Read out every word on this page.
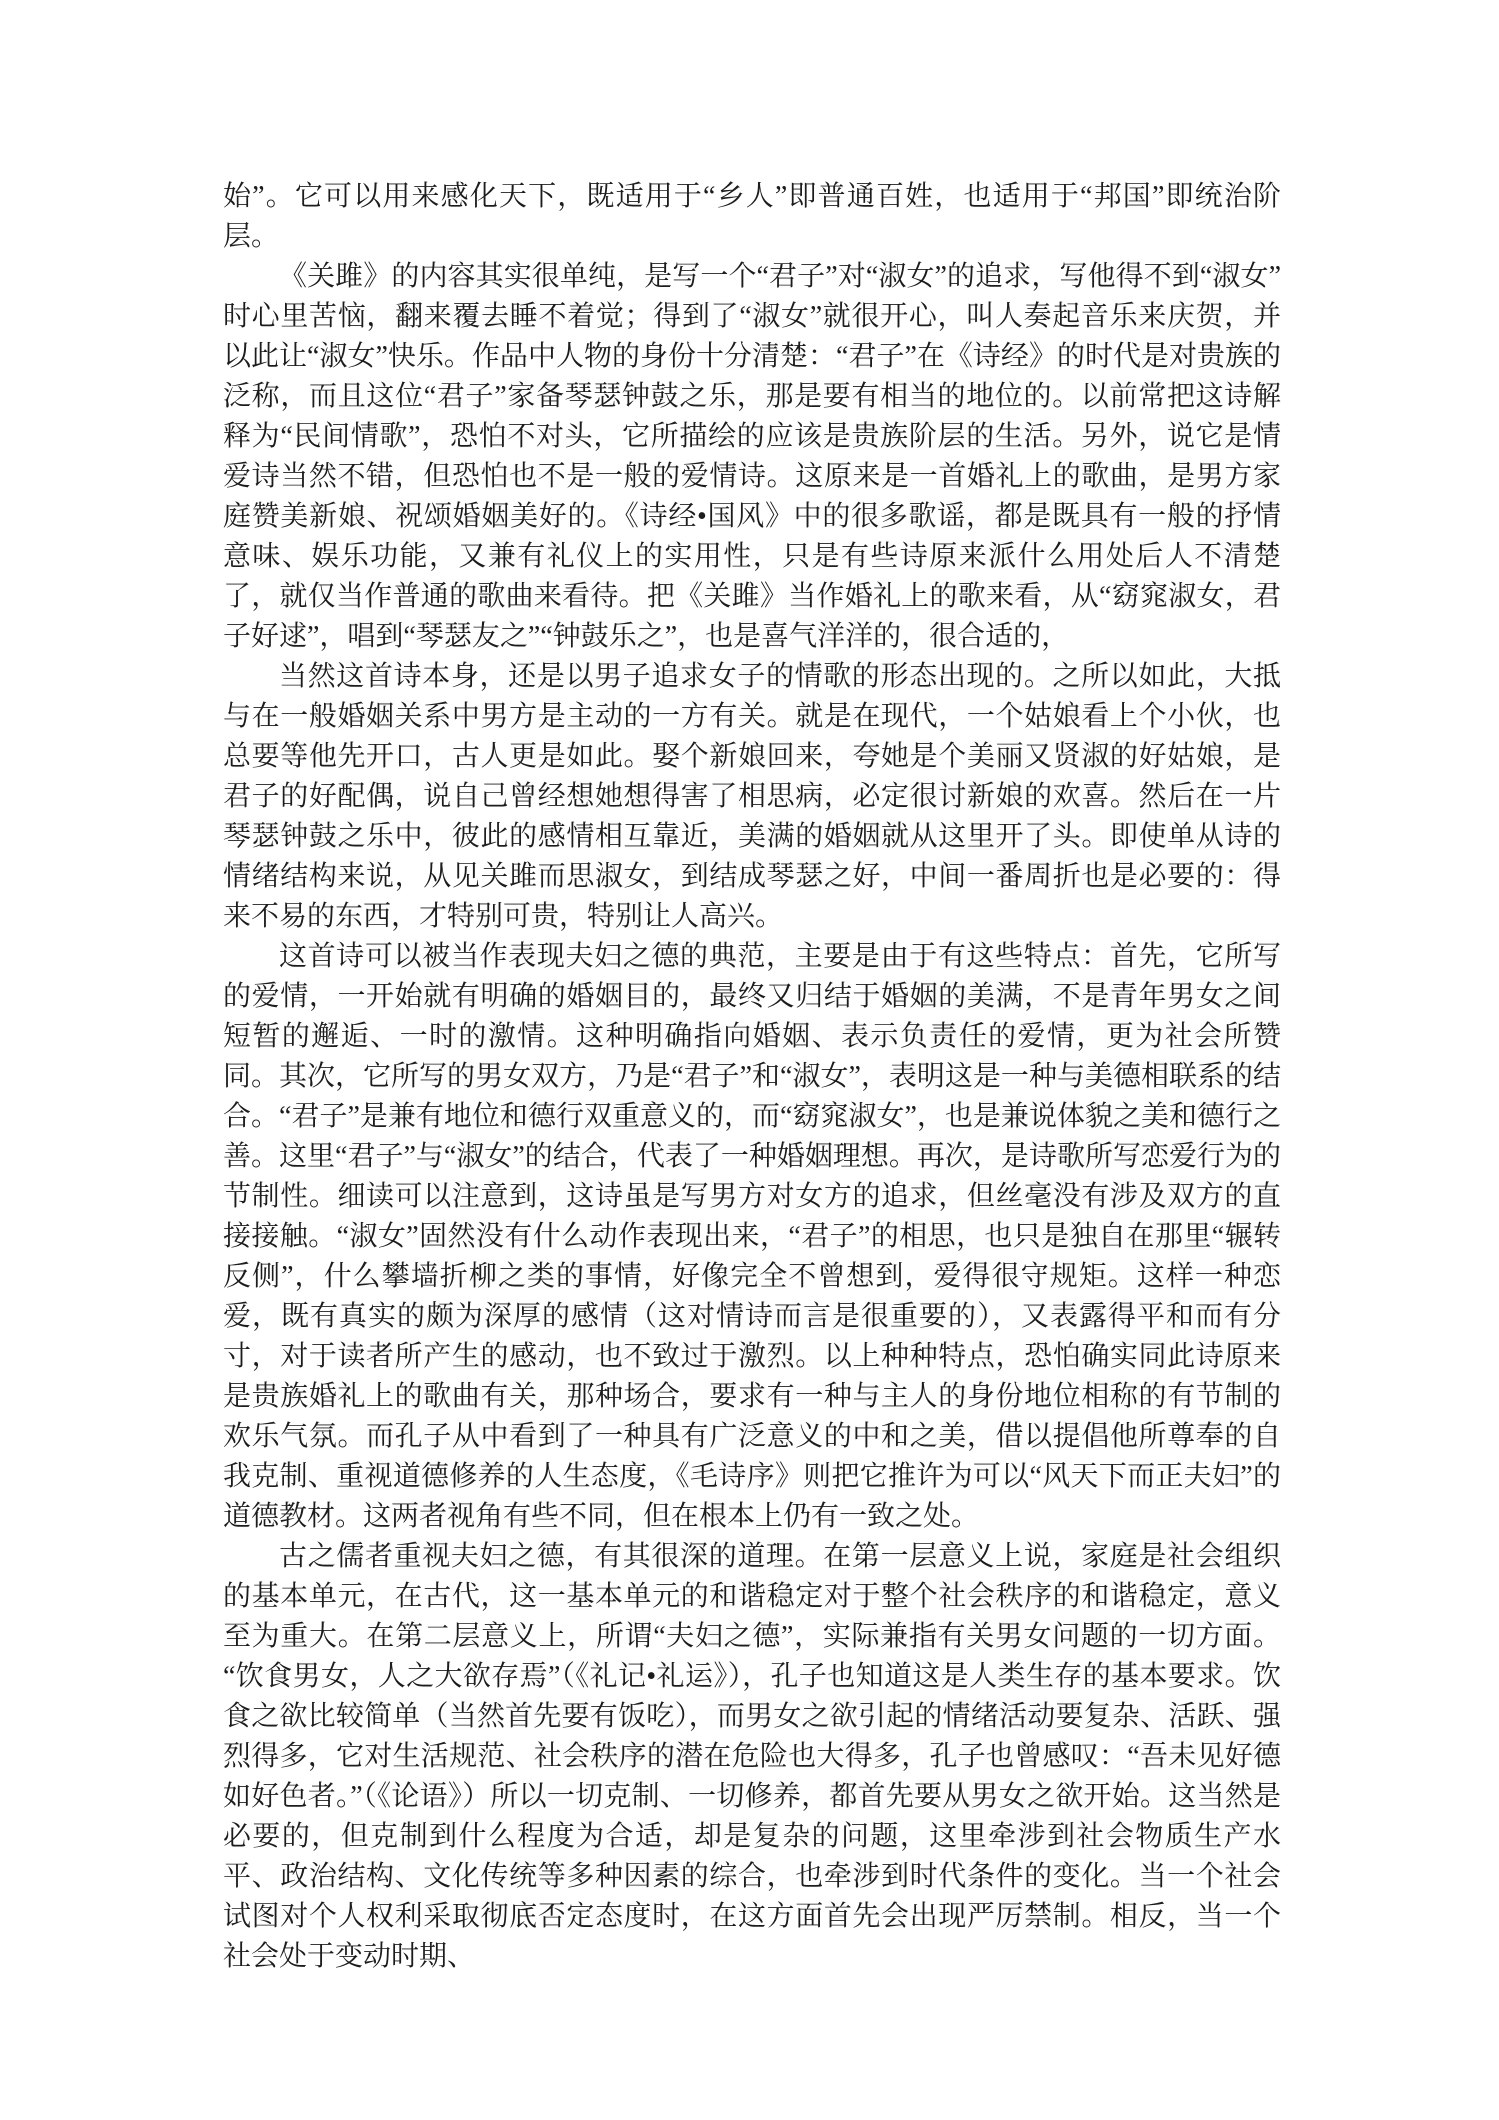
始”。它可以用来感化天下，既适用于“乡人”即普通百姓，也适用于“邦国”即统治阶层。

《关雎》的内容其实很单纯，是写一个“君子”对“淑女”的追求，写他得不到“淑女”时心里苦恼，翻来覆去睡不着觉；得到了“淑女”就很开心，叫人奏起音乐来庆贺，并以此让“淑女”快乐。作品中人物的身份十分清楚：“君子”在《诗经》的时代是对贵族的泛称，而且这位“君子”家备琴瑟钟鼓之乐，那是要有相当的地位的。以前常把这诗解释为“民间情歌”，恐怕不对头，它所描绘的应该是贵族阶层的生活。另外，说它是情爱诗当然不错，但恐怕也不是一般的爱情诗。这原来是一首婚礼上的歌曲，是男方家庭赞美新娘、祝颂婚姻美好的。《诗经•国风》中的很多歌谣，都是既具有一般的抒情意味、娱乐功能，又兼有礼仪上的实用性，只是有些诗原来派什么用处后人不清楚了，就仅当作普通的歌曲来看待。把《关雎》当作婚礼上的歌来看，从“窈窕淑女，君子好逑”，唱到“琴瑟友之”“钟鼓乐之”，也是喜气洋洋的，很合适的，

当然这首诗本身，还是以男子追求女子的情歌的形态出现的。之所以如此，大抵与在一般婚姻关系中男方是主动的一方有关。就是在现代，一个姑娘看上个小伙，也总要等他先开口，古人更是如此。娶个新娘回来，夸她是个美丽又贤淑的好姑娘，是君子的好配偶，说自己曾经想她想得害了相思病，必定很讨新娘的欢喜。然后在一片琴瑟钟鼓之乐中，彼此的感情相互靠近，美满的婚姻就从这里开了头。即使单从诗的情绪结构来说，从见关雎而思淑女，到结成琴瑟之好，中间一番周折也是必要的：得来不易的东西，才特别可贵，特别让人高兴。

这首诗可以被当作表现夫妇之德的典范，主要是由于有这些特点：首先，它所写的爱情，一开始就有明确的婚姻目的，最终又归结于婚姻的美满，不是青年男女之间短暂的邂逅、一时的激情。这种明确指向婚姻、表示负责任的爱情，更为社会所赞同。其次，它所写的男女双方，乃是“君子”和“淑女”，表明这是一种与美德相联系的结合。“君子”是兼有地位和德行双重意义的，而“窈窕淑女”，也是兼说体貌之美和德行之善。这里“君子”与“淑女”的结合，代表了一种婚姻理想。再次，是诗歌所写恋爱行为的节制性。细读可以注意到，这诗虽是写男方对女方的追求，但丝毫没有涉及双方的直接接触。“淑女”固然没有什么动作表现出来，“君子”的相思，也只是独自在那里“辗转反侧”，什么攀墙折柳之类的事情，好像完全不曾想到，爱得很守规矩。这样一种恋爱，既有真实的颇为深厚的感情（这对情诗而言是很重要的），又表露得平和而有分寸，对于读者所产生的感动，也不致过于激烈。以上种种特点，恐怕确实同此诗原来是贵族婚礼上的歌曲有关，那种场合，要求有一种与主人的身份地位相称的有节制的欢乐气氛。而孔子从中看到了一种具有广泛意义的中和之美，借以提倡他所尊奉的自我克制、重视道德修养的人生态度，《毛诗序》则把它推许为可以“风天下而正夫妇”的道德教材。这两者视角有些不同，但在根本上仍有一致之处。

古之儒者重视夫妇之德，有其很深的道理。在第一层意义上说，家庭是社会组织的基本单元，在古代，这一基本单元的和谐稳定对于整个社会秩序的和谐稳定，意义至为重大。在第二层意义上，所谓“夫妇之德”，实际兼指有关男女问题的一切方面。“饮食男女，人之大欲存焉”（《礼记•礼运》），孔子也知道这是人类生存的基本要求。饮食之欲比较简单（当然首先要有饭吃），而男女之欲引起的情绪活动要复杂、活跃、强烈得多，它对生活规范、社会秩序的潜在危险也大得多，孔子也曾感叹：“吾未见好德如好色者。”（《论语》）所以一切克制、一切修养，都首先要从男女之欲开始。这当然是必要的，但克制到什么程度为合适，却是复杂的问题，这里牵涉到社会物质生产水平、政治结构、文化传统等多种因素的综合，也牵涉到时代条件的变化。当一个社会试图对个人权利采取彻底否定态度时，在这方面首先会出现严厉禁制。相反，当一个社会处于变动时期、
